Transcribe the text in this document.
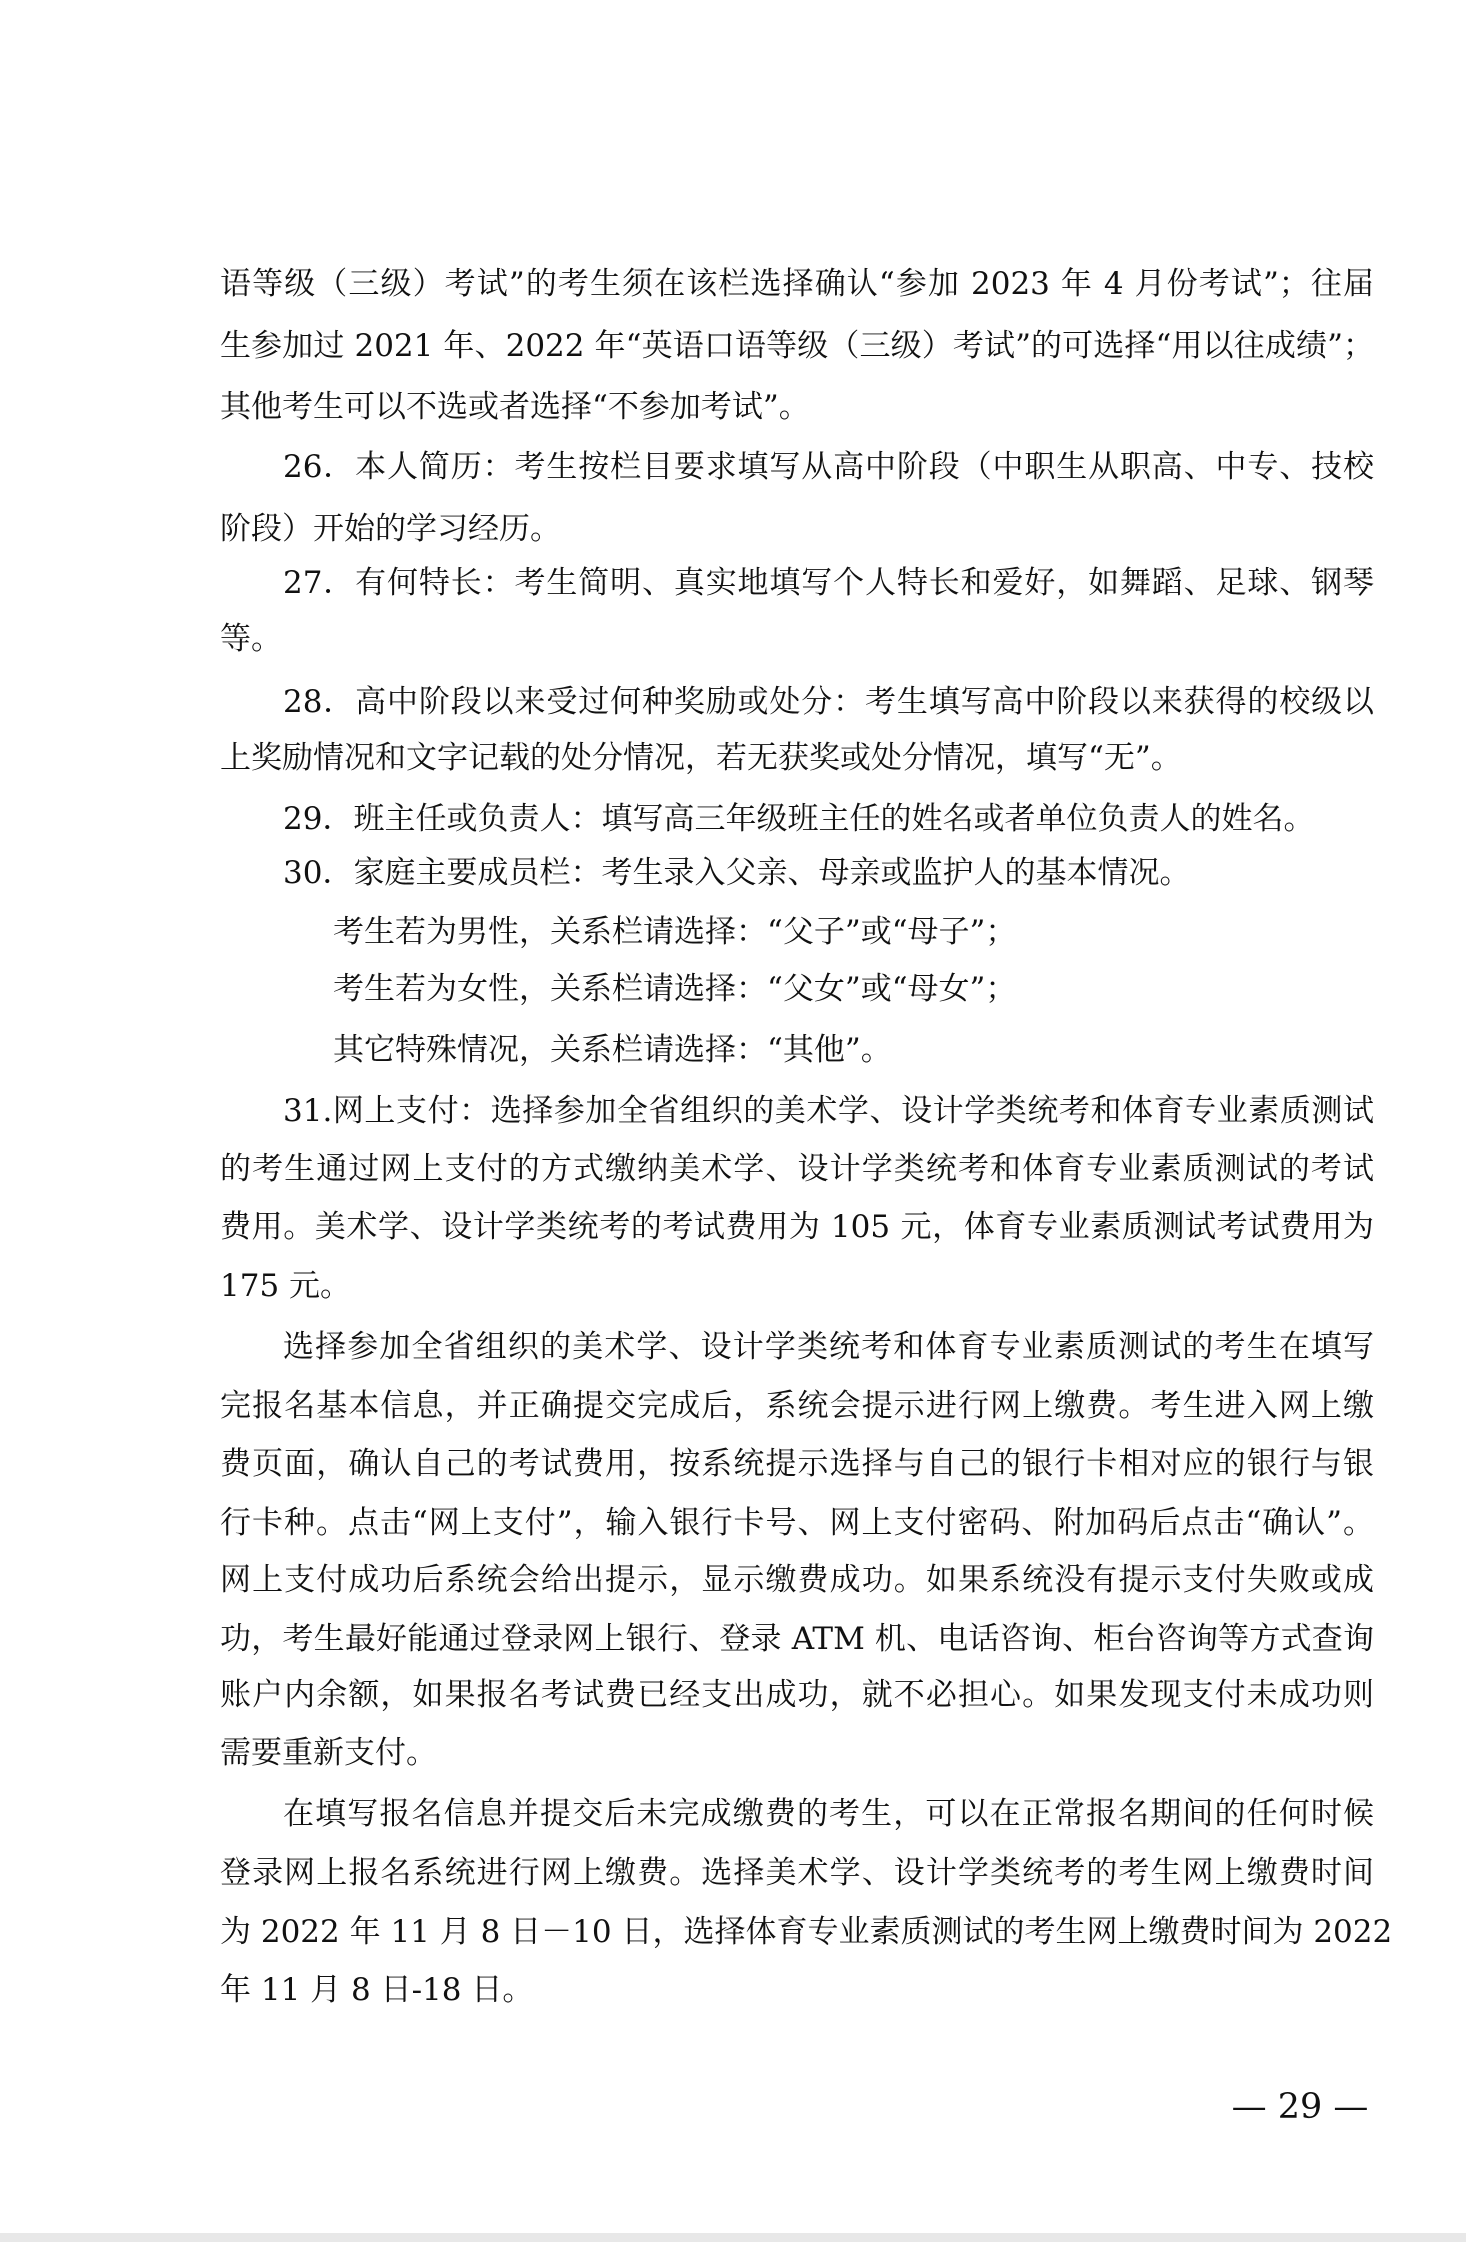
语等级（三级）考试”的考生须在该栏选择确认“参加 2023 年 4 月份考试”；往届

生参加过 2021 年、2022 年“英语口语等级（三级）考试”的可选择“用以往成绩”；

其他考生可以不选或者选择“不参加考试”。

26．本人简历：考生按栏目要求填写从高中阶段（中职生从职高、中专、技校

阶段）开始的学习经历。

27．有何特长：考生简明、真实地填写个人特长和爱好，如舞蹈、足球、钢琴

等。

28．高中阶段以来受过何种奖励或处分：考生填写高中阶段以来获得的校级以

上奖励情况和文字记载的处分情况，若无获奖或处分情况，填写“无”。

29．班主任或负责人：填写高三年级班主任的姓名或者单位负责人的姓名。

30．家庭主要成员栏：考生录入父亲、母亲或监护人的基本情况。

考生若为男性，关系栏请选择：“父子”或“母子”；

考生若为女性，关系栏请选择：“父女”或“母女”；

其它特殊情况，关系栏请选择：“其他”。

31.网上支付：选择参加全省组织的美术学、设计学类统考和体育专业素质测试

的考生通过网上支付的方式缴纳美术学、设计学类统考和体育专业素质测试的考试

费用。美术学、设计学类统考的考试费用为 105 元，体育专业素质测试考试费用为

175 元。

选择参加全省组织的美术学、设计学类统考和体育专业素质测试的考生在填写

完报名基本信息，并正确提交完成后，系统会提示进行网上缴费。考生进入网上缴

费页面，确认自己的考试费用，按系统提示选择与自己的银行卡相对应的银行与银

行卡种。点击“网上支付”，输入银行卡号、网上支付密码、附加码后点击“确认”。

网上支付成功后系统会给出提示，显示缴费成功。如果系统没有提示支付失败或成

功，考生最好能通过登录网上银行、登录 ATM 机、电话咨询、柜台咨询等方式查询

账户内余额，如果报名考试费已经支出成功，就不必担心。如果发现支付未成功则

需要重新支付。

在填写报名信息并提交后未完成缴费的考生，可以在正常报名期间的任何时候

登录网上报名系统进行网上缴费。选择美术学、设计学类统考的考生网上缴费时间

为 2022 年 11 月 8 日－10 日，选择体育专业素质测试的考生网上缴费时间为 2022

年 11 月 8 日-18 日。

— 29 —
